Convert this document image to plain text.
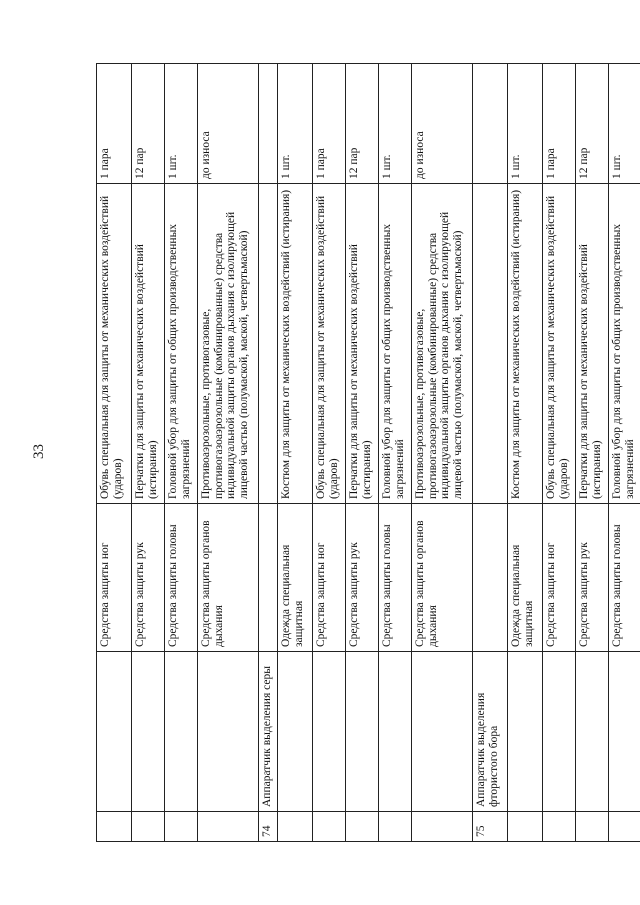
33
		Средства защиты ног	Обувь специальная для защиты от механических воздействий (ударов)	1 пара
		Средства защиты рук	Перчатки для защиты от механических воздействий (истирания)	12 пар
		Средства защиты головы	Головной убор для защиты от общих производственных загрязнений	1 шт.
		Средства защиты органов дыхания	Противоаэрозольные, противогазовые, противогазоаэрозольные (комбинированные) средства индивидуальной защиты органов дыхания с изолирующей лицевой частью (полумаской, маской, четвертьмаской)	до износа
74	Аппаратчик выделения серы			
		Одежда специальная защитная	Костюм для защиты от механических воздействий (истирания)	1 шт.
		Средства защиты ног	Обувь специальная для защиты от механических воздействий (ударов)	1 пара
		Средства защиты рук	Перчатки для защиты от механических воздействий (истирания)	12 пар
		Средства защиты головы	Головной убор для защиты от общих производственных загрязнений	1 шт.
		Средства защиты органов дыхания	Противоаэрозольные, противогазовые, противогазоаэрозольные (комбинированные) средства индивидуальной защиты органов дыхания с изолирующей лицевой частью (полумаской, маской, четвертьмаской)	до износа
75	Аппаратчик выделения фтористого бора			
		Одежда специальная защитная	Костюм для защиты от механических воздействий (истирания)	1 шт.
		Средства защиты ног	Обувь специальная для защиты от механических воздействий (ударов)	1 пара
		Средства защиты рук	Перчатки для защиты от механических воздействий (истирания)	12 пар
		Средства защиты головы	Головной убор для защиты от общих производственных загрязнений	1 шт.
